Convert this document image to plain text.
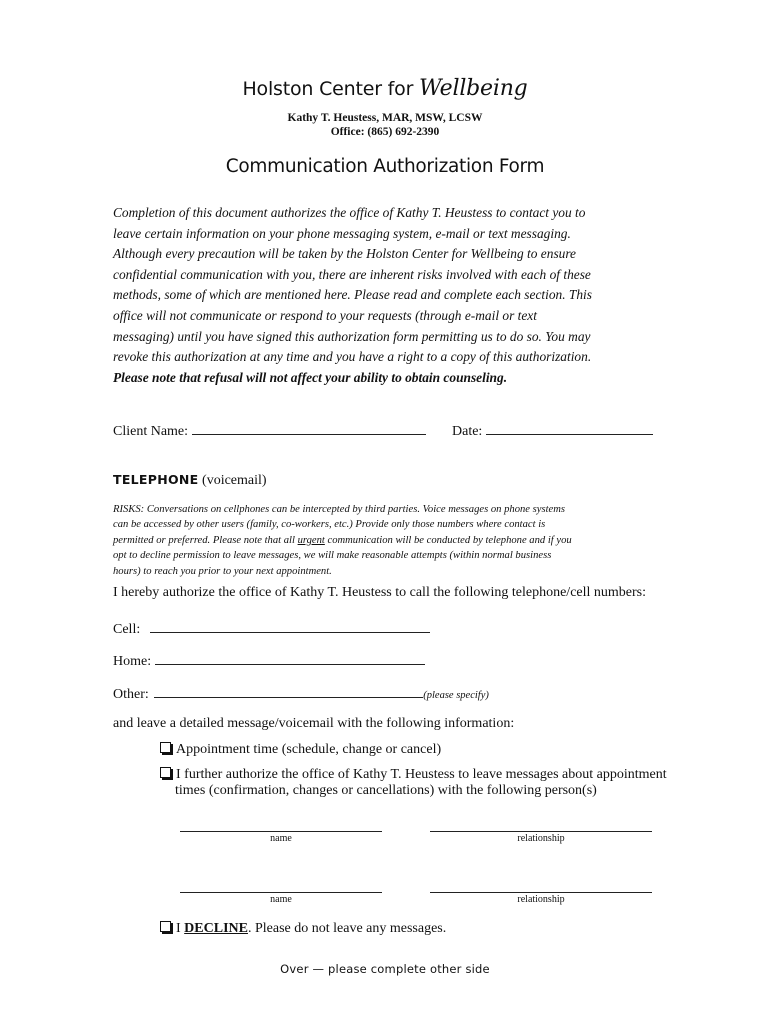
Holston Center for Wellbeing
Kathy T. Heustess, MAR, MSW, LCSW
Office: (865) 692-2390
Communication Authorization Form
Completion of this document authorizes the office of Kathy T. Heustess to contact you to
leave certain information on your phone messaging system, e-mail or text messaging.
Although every precaution will be taken by the Holston Center for Wellbeing to ensure
confidential communication with you, there are inherent risks involved with each of these
methods, some of which are mentioned here. Please read and complete each section. This
office will not communicate or respond to your requests (through e-mail or text
messaging) until you have signed this authorization form permitting us to do so. You may
revoke this authorization at any time and you have a right to a copy of this authorization.
Please note that refusal will not affect your ability to obtain counseling.
Client Name:	Date:
TELEPHONE (voicemail)
RISKS: Conversations on cellphones can be intercepted by third parties. Voice messages on phone systems
can be accessed by other users (family, co-workers, etc.) Provide only those numbers where contact is
permitted or preferred. Please note that all urgent communication will be conducted by telephone and if you
opt to decline permission to leave messages, we will make reasonable attempts (within normal business
hours) to reach you prior to your next appointment.
I hereby authorize the office of Kathy T. Heustess to call the following telephone/cell numbers:
Cell:
Home:
Other:	(please specify)
and leave a detailed message/voicemail with the following information:
Appointment time (schedule, change or cancel)
I further authorize the office of Kathy T. Heustess to leave messages about appointment
times (confirmation, changes or cancellations) with the following person(s)
name	relationship
name	relationship
I DECLINE. Please do not leave any messages.
Over — please complete other side
